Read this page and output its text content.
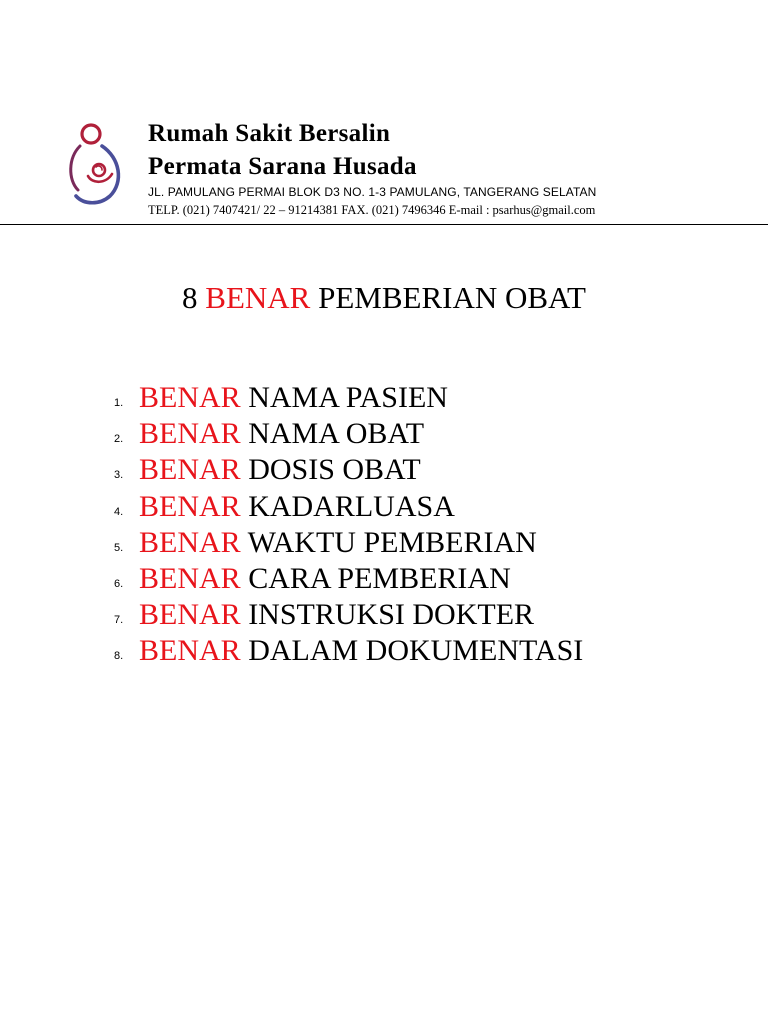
Rumah Sakit Bersalin
Permata Sarana Husada
JL. PAMULANG PERMAI BLOK D3 NO. 1-3 PAMULANG, TANGERANG SELATAN
TELP. (021) 7407421/ 22 – 91214381 FAX. (021) 7496346 E-mail : psarhus@gmail.com
8 BENAR PEMBERIAN OBAT
1. BENAR NAMA PASIEN
2. BENAR NAMA OBAT
3. BENAR DOSIS OBAT
4. BENAR KADARLUASA
5. BENAR WAKTU PEMBERIAN
6. BENAR CARA PEMBERIAN
7. BENAR INSTRUKSI DOKTER
8. BENAR DALAM DOKUMENTASI
